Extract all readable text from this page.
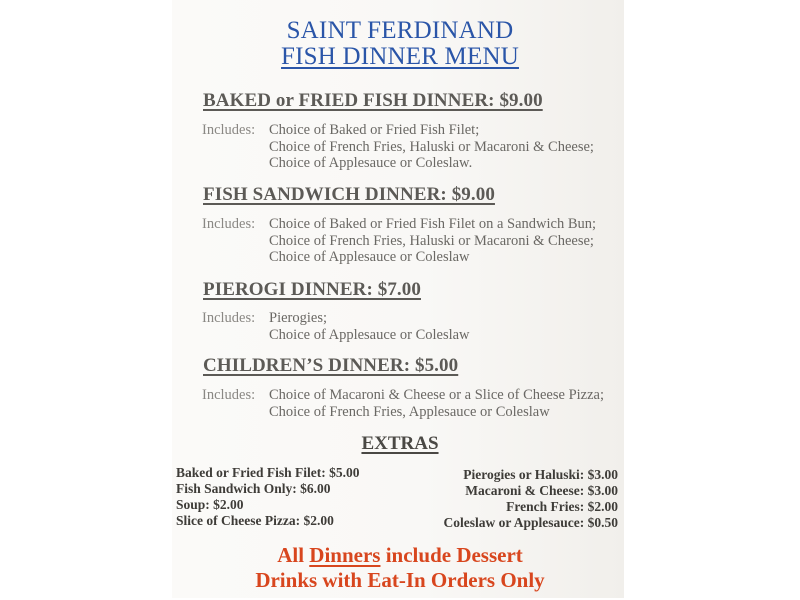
SAINT FERDINAND
FISH DINNER MENU
BAKED or FRIED FISH DINNER: $9.00
Includes: Choice of Baked or Fried Fish Filet;
Choice of French Fries, Haluski or Macaroni & Cheese;
Choice of Applesauce or Coleslaw.
FISH SANDWICH DINNER: $9.00
Includes: Choice of Baked or Fried Fish Filet on a Sandwich Bun;
Choice of French Fries, Haluski or Macaroni & Cheese;
Choice of Applesauce or Coleslaw
PIEROGI DINNER: $7.00
Includes: Pierogies;
Choice of Applesauce or Coleslaw
CHILDREN’S DINNER: $5.00
Includes: Choice of Macaroni & Cheese or a Slice of Cheese Pizza;
Choice of French Fries, Applesauce or Coleslaw
EXTRAS
Baked or Fried Fish Filet: $5.00
Fish Sandwich Only: $6.00
Soup: $2.00
Slice of Cheese Pizza: $2.00
Pierogies or Haluski: $3.00
Macaroni & Cheese: $3.00
French Fries: $2.00
Coleslaw or Applesauce: $0.50
All Dinners include Dessert
Drinks with Eat-In Orders Only
